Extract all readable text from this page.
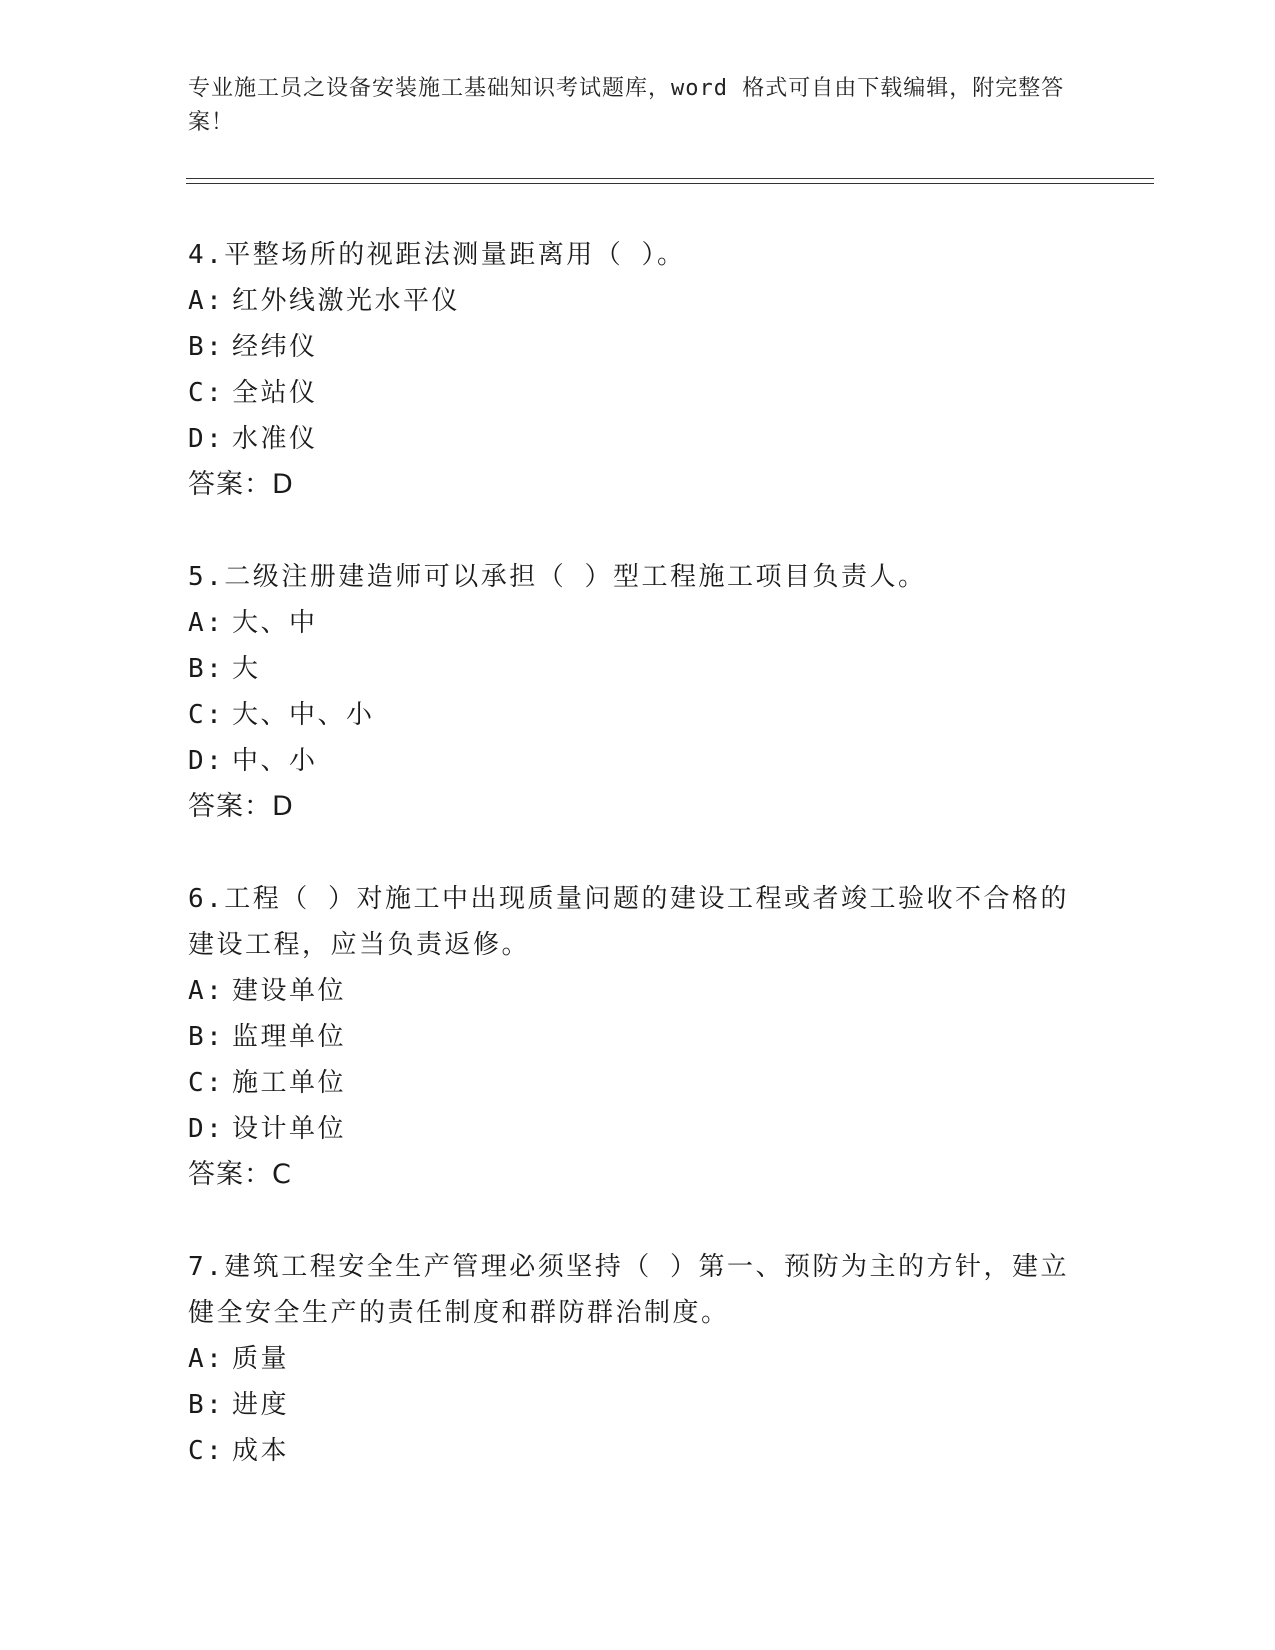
专业施工员之设备安装施工基础知识考试题库，word 格式可自由下载编辑，附完整答案！

4.平整场所的视距法测量距离用（ ）。

A: 红外线激光水平仪

B: 经纬仪

C: 全站仪

D: 水准仪

答案：D

5.二级注册建造师可以承担（ ）型工程施工项目负责人。

A: 大、中

B: 大

C: 大、中、小

D: 中、小

答案：D

6.工程（ ）对施工中出现质量问题的建设工程或者竣工验收不合格的建设工程，应当负责返修。

A: 建设单位

B: 监理单位

C: 施工单位

D: 设计单位

答案：C

7.建筑工程安全生产管理必须坚持（ ）第一、预防为主的方针，建立健全安全生产的责任制度和群防群治制度。

A: 质量

B: 进度

C: 成本
